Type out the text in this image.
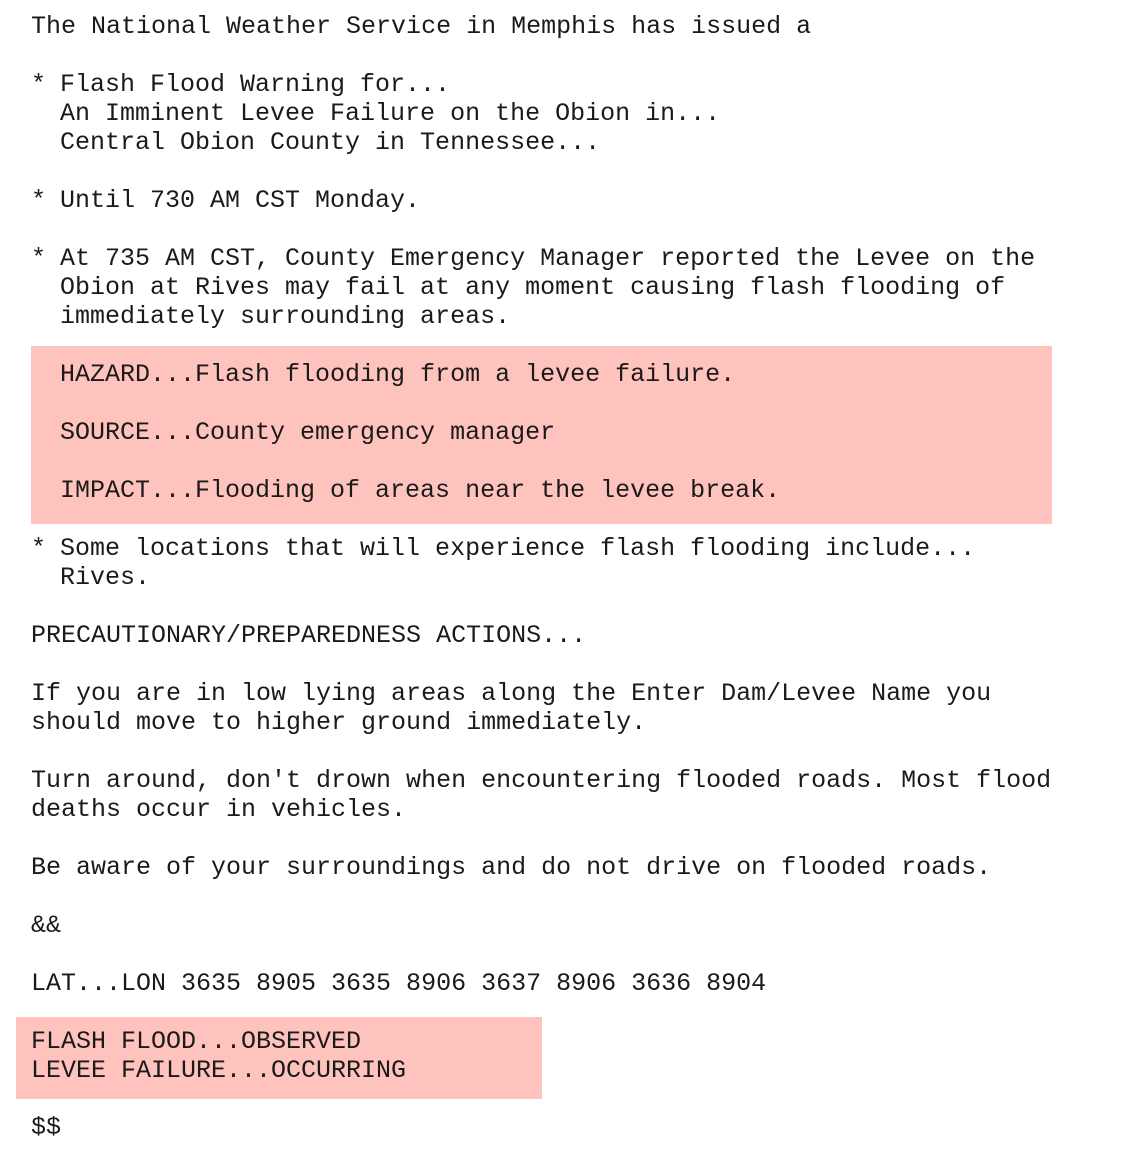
The National Weather Service in Memphis has issued a
* Flash Flood Warning for...
An Imminent Levee Failure on the Obion in...
Central Obion County in Tennessee...
* Until 730 AM CST Monday.
* At 735 AM CST, County Emergency Manager reported the Levee on the
Obion at Rives may fail at any moment causing flash flooding of
immediately surrounding areas.
HAZARD...Flash flooding from a levee failure.
SOURCE...County emergency manager
IMPACT...Flooding of areas near the levee break.
* Some locations that will experience flash flooding include...
Rives.
PRECAUTIONARY/PREPAREDNESS ACTIONS...
If you are in low lying areas along the Enter Dam/Levee Name you
should move to higher ground immediately.
Turn around, don't drown when encountering flooded roads. Most flood
deaths occur in vehicles.
Be aware of your surroundings and do not drive on flooded roads.
&&
LAT...LON 3635 8905 3635 8906 3637 8906 3636 8904
FLASH FLOOD...OBSERVED
LEVEE FAILURE...OCCURRING
$$
